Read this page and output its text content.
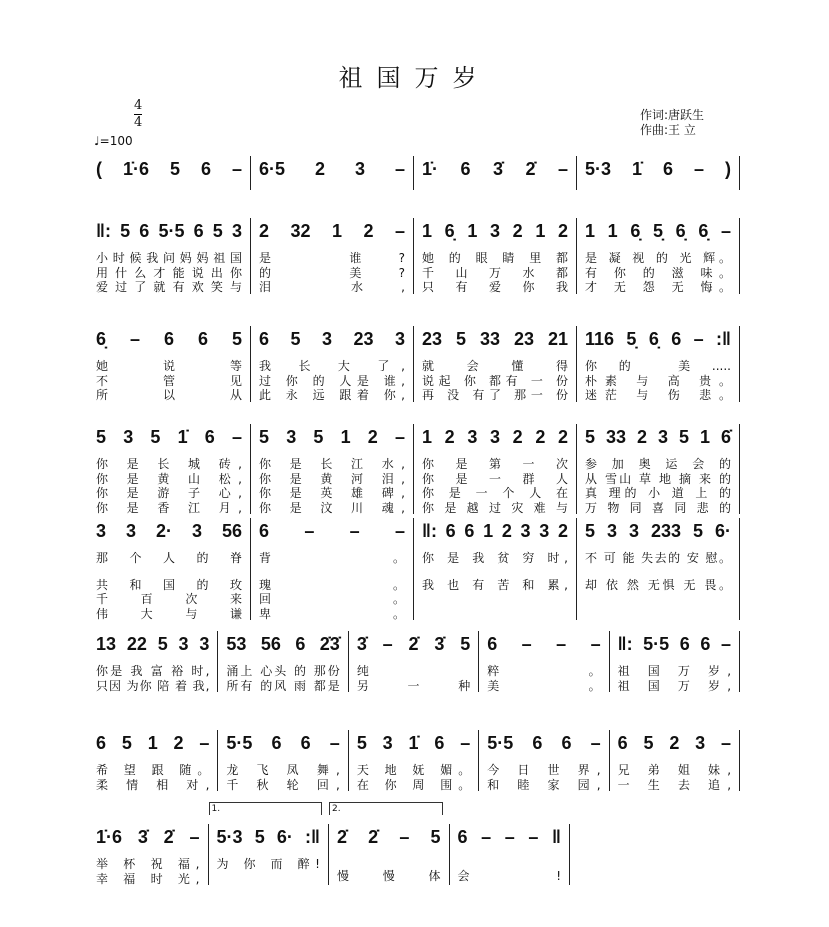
祖国万岁
作词:唐跃生
作曲:王 立
4
4
♩=100
( 1̇·6 5 6 – 6·5 2 3 – 1̇· 6 3̇ 2̇ – 5·3 1̇ 6 – )
‖: 5 6 5·5 6 5 3
小 时 候 我 问 妈 妈 祖 国
用 什 么 才 能 说 出 你
爱 过 了 就 有 欢 笑 与
2 32 1 2 –
是 谁?
的 美?
泪 水,
1 6̣ 1 3 2 1 2
她 的 眼 睛 里 都
千 山 万 水 都
只 有 爱 你 我
1 1 6̣ 5̣ 6̣ 6̣ –
是 凝 视 的 光 辉。
有 你 的 滋 味。
才 无 怨 无 悔。
6̣ – 6 6 5
她 说 等
不 管 见
所 以 从
6 5 3 23 3
我 长 大 了,
过 你 的 人是 谁,
此 永 远 跟着 你,
23 5 33 23 21
就 会 懂 得
说起 你 都有 一 份
再 没 有了 那一 份
116 5̣ 6̣ 6 – :‖
你的 美.....
朴素 与 高 贵。
迷茫 与 伤 悲。
5 3 5 1̇ 6 –
你 是 长 城 砖,
你 是 黄 山 松,
你 是 游 子 心,
你 是 香 江 月,
5 3 5 1 2 –
你 是 长 江 水,
你 是 黄 河 泪,
你 是 英 雄 碑,
你 是 汶 川 魂,
1 2 3 3 2 2 2
你 是 第 一 次
你 是 一 群 人
你 是 一 个 人 在
你 是 越 过 灾 难 与
5 33 2 3 5 1 6̇
参 加 奥 运 会 的
从 雪山 草 地 摘 来 的
真 理的 小 道 上 的
万 物 同 喜 同 悲 的
3 3 2· 3 56
那 个 人 的 脊
共 和 国 的 玫
千 百 次 来
伟 大 与 谦
6 – – –
背。
瑰。
回。
卑。
‖: 6 6 1 2 3 3 2
你 是 我 贫 穷 时,
我 也 有 苦 和 累,
5 3 3 233 5 6·
不 可 能 失去的 安 慰。
却 依 然 无惧 无 畏。
13 22 5 3 3
你是 我 富 裕 时,
只因 为你 陪 着 我,
53 56 6 2̇3̇
涌上 心头 的 那份
所有 的风 雨 都是
3̇ – 2̇ 3̇ 5
纯
另 一 种
6 – – –
粹。
美。
‖: 5·5 6 6 –
祖 国 万 岁,
祖 国 万 岁,
6 5 1 2 –
希 望 跟 随。
柔 情 相 对,
5·5 6 6 –
龙 飞 凤 舞,
千 秋 轮 回,
5 3 1̇ 6 –
天 地 妩 媚。
在 你 周 围。
5·5 6 6 –
今 日 世 界,
和 睦 家 园,
6 5 2 3 –
兄 弟 姐 妹,
一 生 去 追,
1̇·6 3̇ 2̇ –
举 杯 祝 福,
幸 福 时 光,
1.
5·3 5 6· :‖
为 你 而 醉!
2.
2̇ 2̇ – 5
慢 慢 体
6 – – – ‖
会!
